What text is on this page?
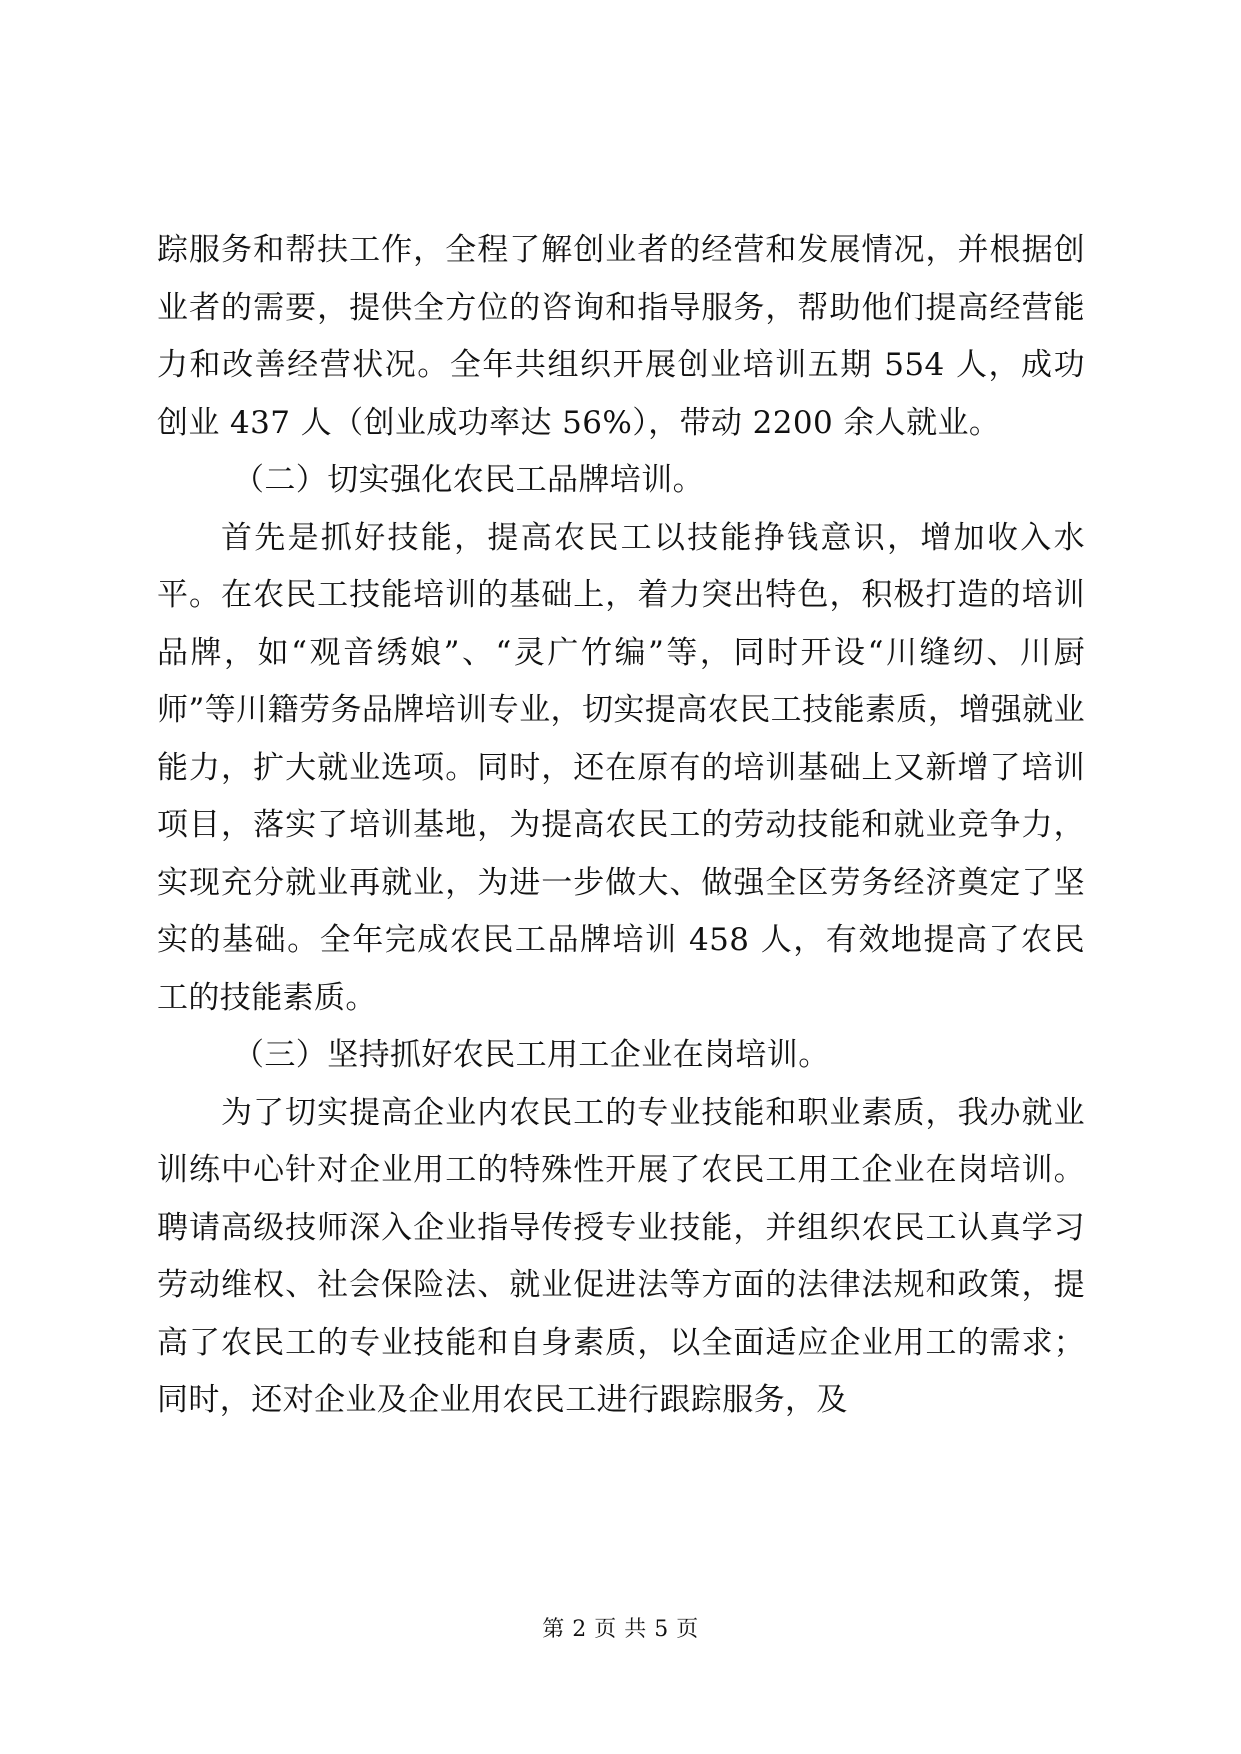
踪服务和帮扶工作，全程了解创业者的经营和发展情况，并根据创业者的需要，提供全方位的咨询和指导服务，帮助他们提高经营能力和改善经营状况。全年共组织开展创业培训五期 554 人，成功创业 437 人（创业成功率达 56%），带动 2200 余人就业。

（二）切实强化农民工品牌培训。

首先是抓好技能，提高农民工以技能挣钱意识，增加收入水平。在农民工技能培训的基础上，着力突出特色，积极打造的培训品牌，如“观音绣娘”、“灵广竹编”等，同时开设“川缝纫、川厨师”等川籍劳务品牌培训专业，切实提高农民工技能素质，增强就业能力，扩大就业选项。同时，还在原有的培训基础上又新增了培训项目，落实了培训基地，为提高农民工的劳动技能和就业竞争力，实现充分就业再就业，为进一步做大、做强全区劳务经济奠定了坚实的基础。全年完成农民工品牌培训 458 人，有效地提高了农民工的技能素质。

（三）坚持抓好农民工用工企业在岗培训。

为了切实提高企业内农民工的专业技能和职业素质，我办就业训练中心针对企业用工的特殊性开展了农民工用工企业在岗培训。聘请高级技师深入企业指导传授专业技能，并组织农民工认真学习劳动维权、社会保险法、就业促进法等方面的法律法规和政策，提高了农民工的专业技能和自身素质，以全面适应企业用工的需求；同时，还对企业及企业用农民工进行跟踪服务，及

第 2 页 共 5 页
